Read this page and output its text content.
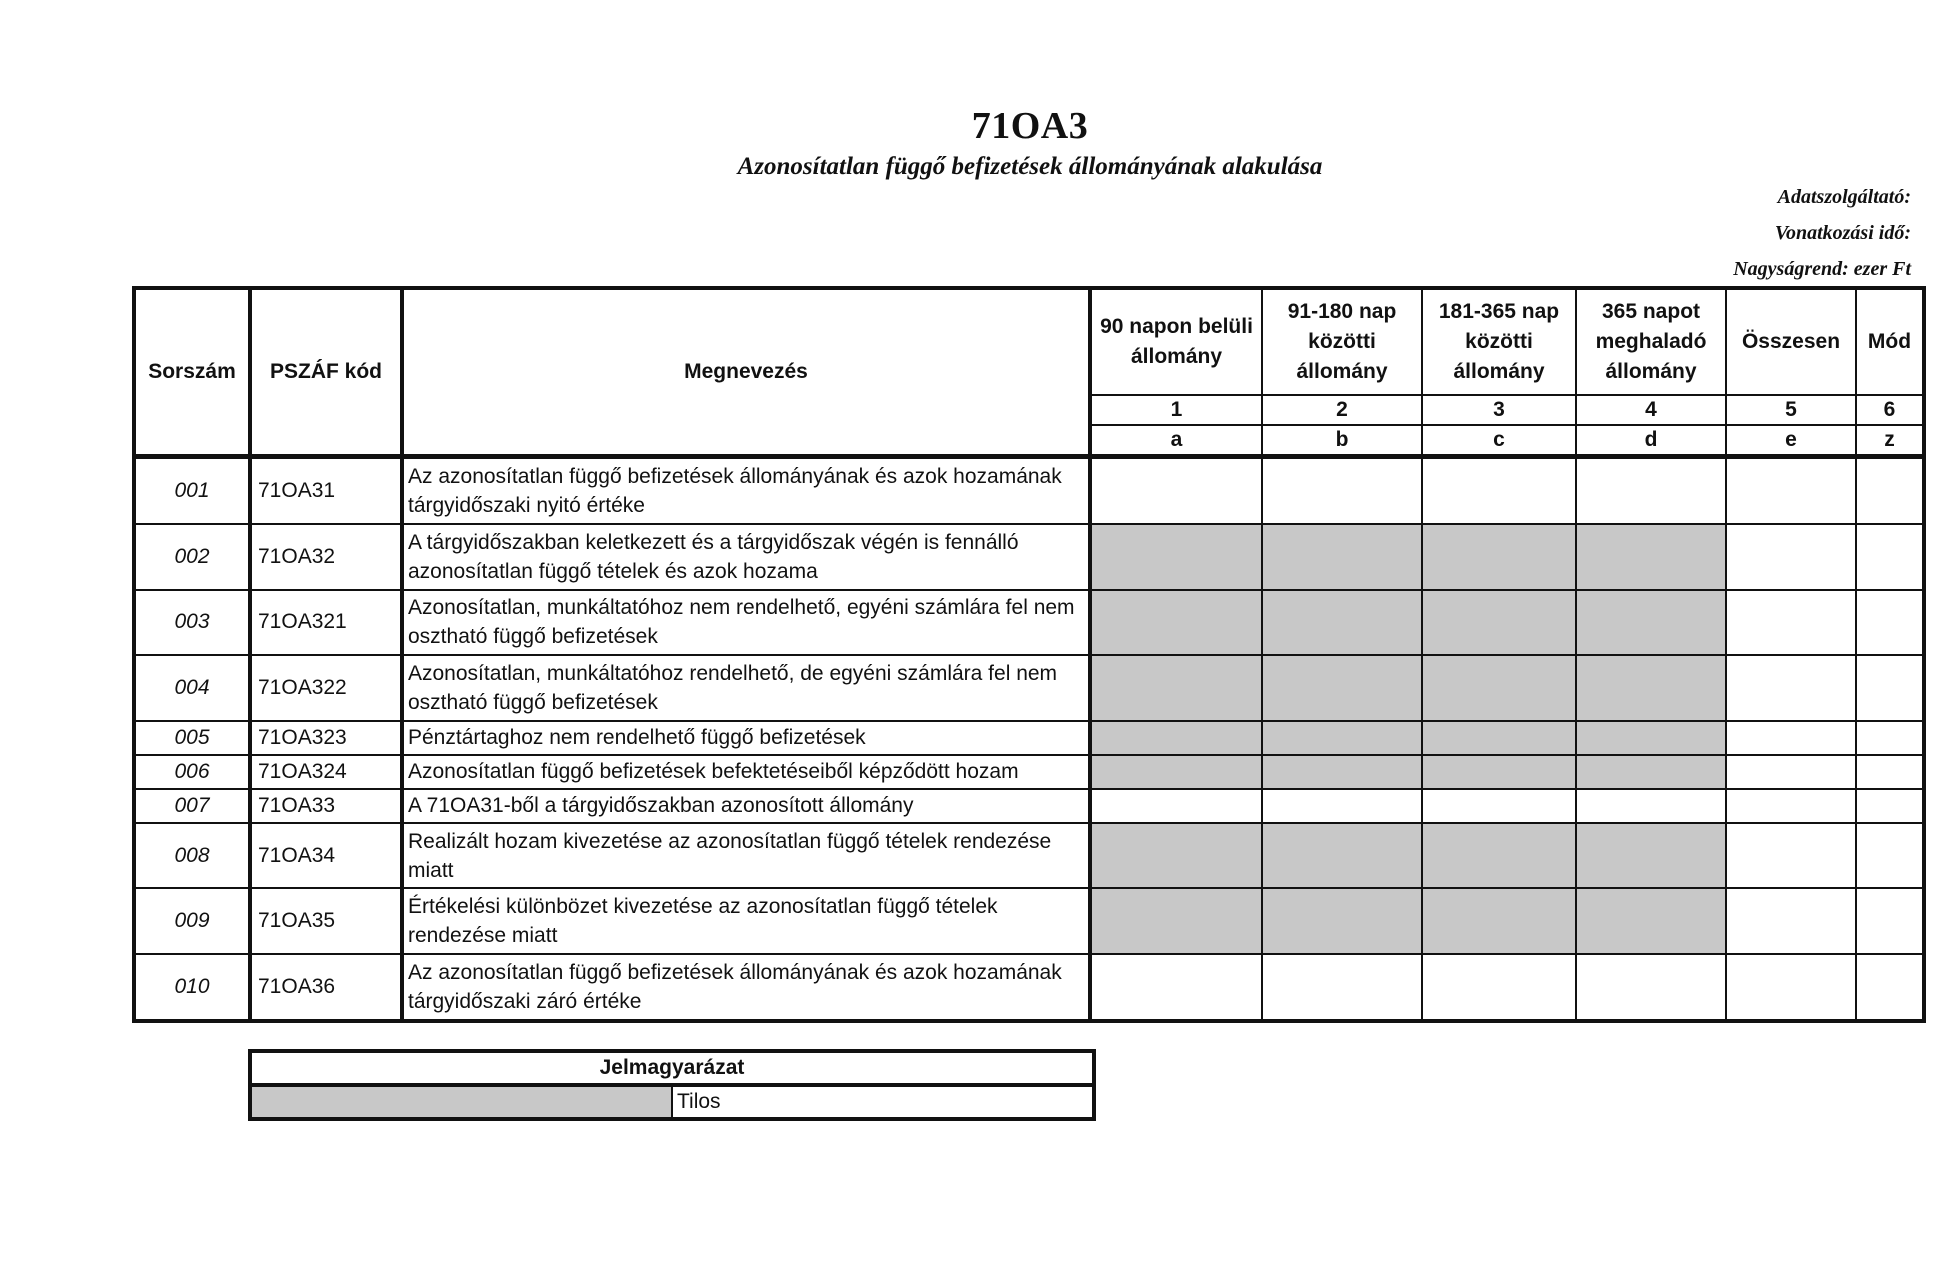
71OA3
Azonosítatlan függő befizetések állományának alakulása
Adatszolgáltató:
Vonatkozási idő:
Nagyságrend: ezer Ft
Sorszám	PSZÁF kód	Megnevezés	90 napon belüli állomány	91-180 nap közötti állomány	181-365 nap közötti állomány	365 napot meghaladó állomány	Összesen	Mód
			1	2	3	4	5	6
			a	b	c	d	e	z
001	71OA31	Az azonosítatlan függő befizetések állományának és azok hozamának tárgyidőszaki nyitó értéke						
002	71OA32	A tárgyidőszakban keletkezett és a tárgyidőszak végén is fennálló azonosítatlan függő tételek és azok hozama						
003	71OA321	Azonosítatlan, munkáltatóhoz nem rendelhető, egyéni számlára fel nem osztható függő befizetések						
004	71OA322	Azonosítatlan, munkáltatóhoz rendelhető, de egyéni számlára fel nem osztható függő befizetések						
005	71OA323	Pénztártaghoz nem rendelhető függő befizetések						
006	71OA324	Azonosítatlan függő befizetések befektetéseiből képződött hozam						
007	71OA33	A 71OA31-ből a tárgyidőszakban azonosított állomány						
008	71OA34	Realizált hozam kivezetése az azonosítatlan függő tételek rendezése miatt						
009	71OA35	Értékelési különbözet kivezetése az azonosítatlan függő tételek rendezése miatt						
010	71OA36	Az azonosítatlan függő befizetések állományának és azok hozamának tárgyidőszaki záró értéke						
Jelmagyarázat
	Tilos
